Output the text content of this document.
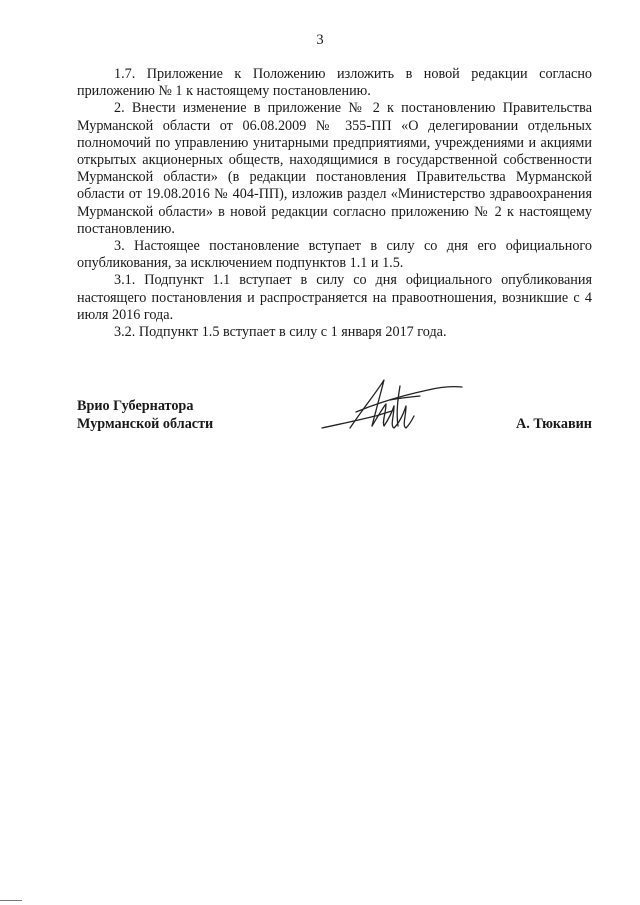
3

1.7. Приложение к Положению изложить в новой редакции согласно приложению № 1 к настоящему постановлению.

2. Внести изменение в приложение № 2 к постановлению Правительства Мурманской области от 06.08.2009 № 355-ПП «О делегировании отдельных полномочий по управлению унитарными предприятиями, учреждениями и акциями открытых акционерных обществ, находящимися в государственной собственности Мурманской области» (в редакции постановления Правительства Мурманской области от 19.08.2016 № 404-ПП), изложив раздел «Министерство здравоохранения Мурманской области» в новой редакции согласно приложению № 2 к настоящему постановлению.

3. Настоящее постановление вступает в силу со дня его официального опубликования, за исключением подпунктов 1.1 и 1.5.

3.1. Подпункт 1.1 вступает в силу со дня официального опубликования настоящего постановления и распространяется на правоотношения, возникшие с 4 июля 2016 года.

3.2. Подпункт 1.5 вступает в силу с 1 января 2017 года.

Врио Губернатора
Мурманской области	А. Тюкавин
